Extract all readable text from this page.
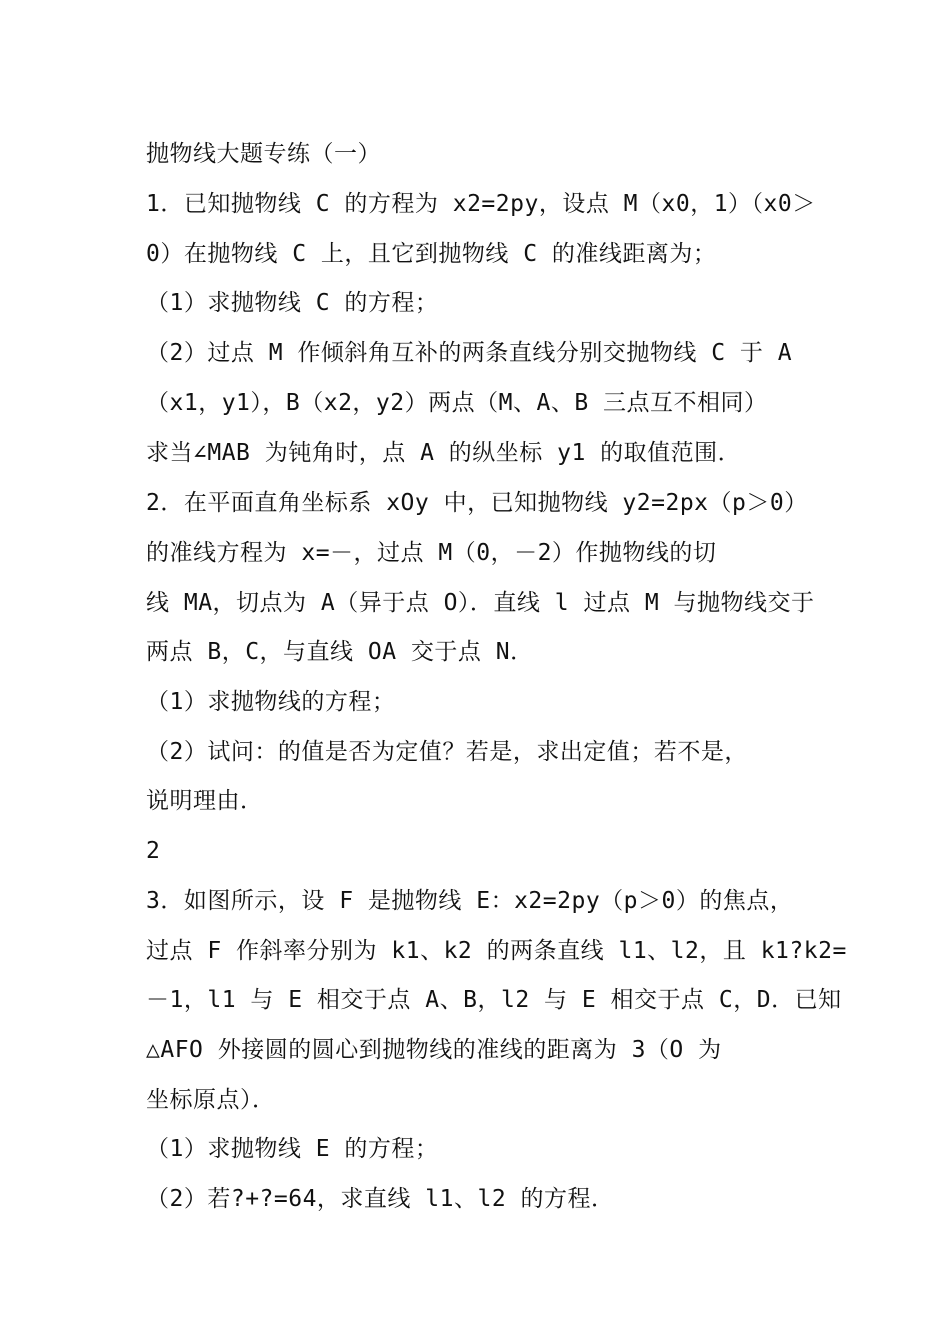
抛物线大题专练（一）
1．已知抛物线 C 的方程为 x2=2py，设点 M（x0，1）（x0＞
0）在抛物线 C 上，且它到抛物线 C 的准线距离为；
（1）求抛物线 C 的方程；
（2）过点 M 作倾斜角互补的两条直线分别交抛物线 C 于 A
（x1，y1），B（x2，y2）两点（M、A、B 三点互不相同）
求当∠MAB 为钝角时，点 A 的纵坐标 y1 的取值范围．
2．在平面直角坐标系 xOy 中，已知抛物线 y2=2px（p＞0）
的准线方程为 x=－，过点 M（0，－2）作抛物线的切
线 MA，切点为 A（异于点 O）．直线 l 过点 M 与抛物线交于
两点 B，C，与直线 OA 交于点 N．
（1）求抛物线的方程；
（2）试问：的值是否为定值？若是，求出定值；若不是，
说明理由．
2
3．如图所示，设 F 是抛物线 E：x2=2py（p＞0）的焦点，
过点 F 作斜率分别为 k1、k2 的两条直线 l1、l2，且 k1?k2=
－1，l1 与 E 相交于点 A、B，l2 与 E 相交于点 C，D．已知
△AFO 外接圆的圆心到抛物线的准线的距离为 3（O 为
坐标原点）．
（1）求抛物线 E 的方程；
（2）若?+?=64，求直线 l1、l2 的方程．
